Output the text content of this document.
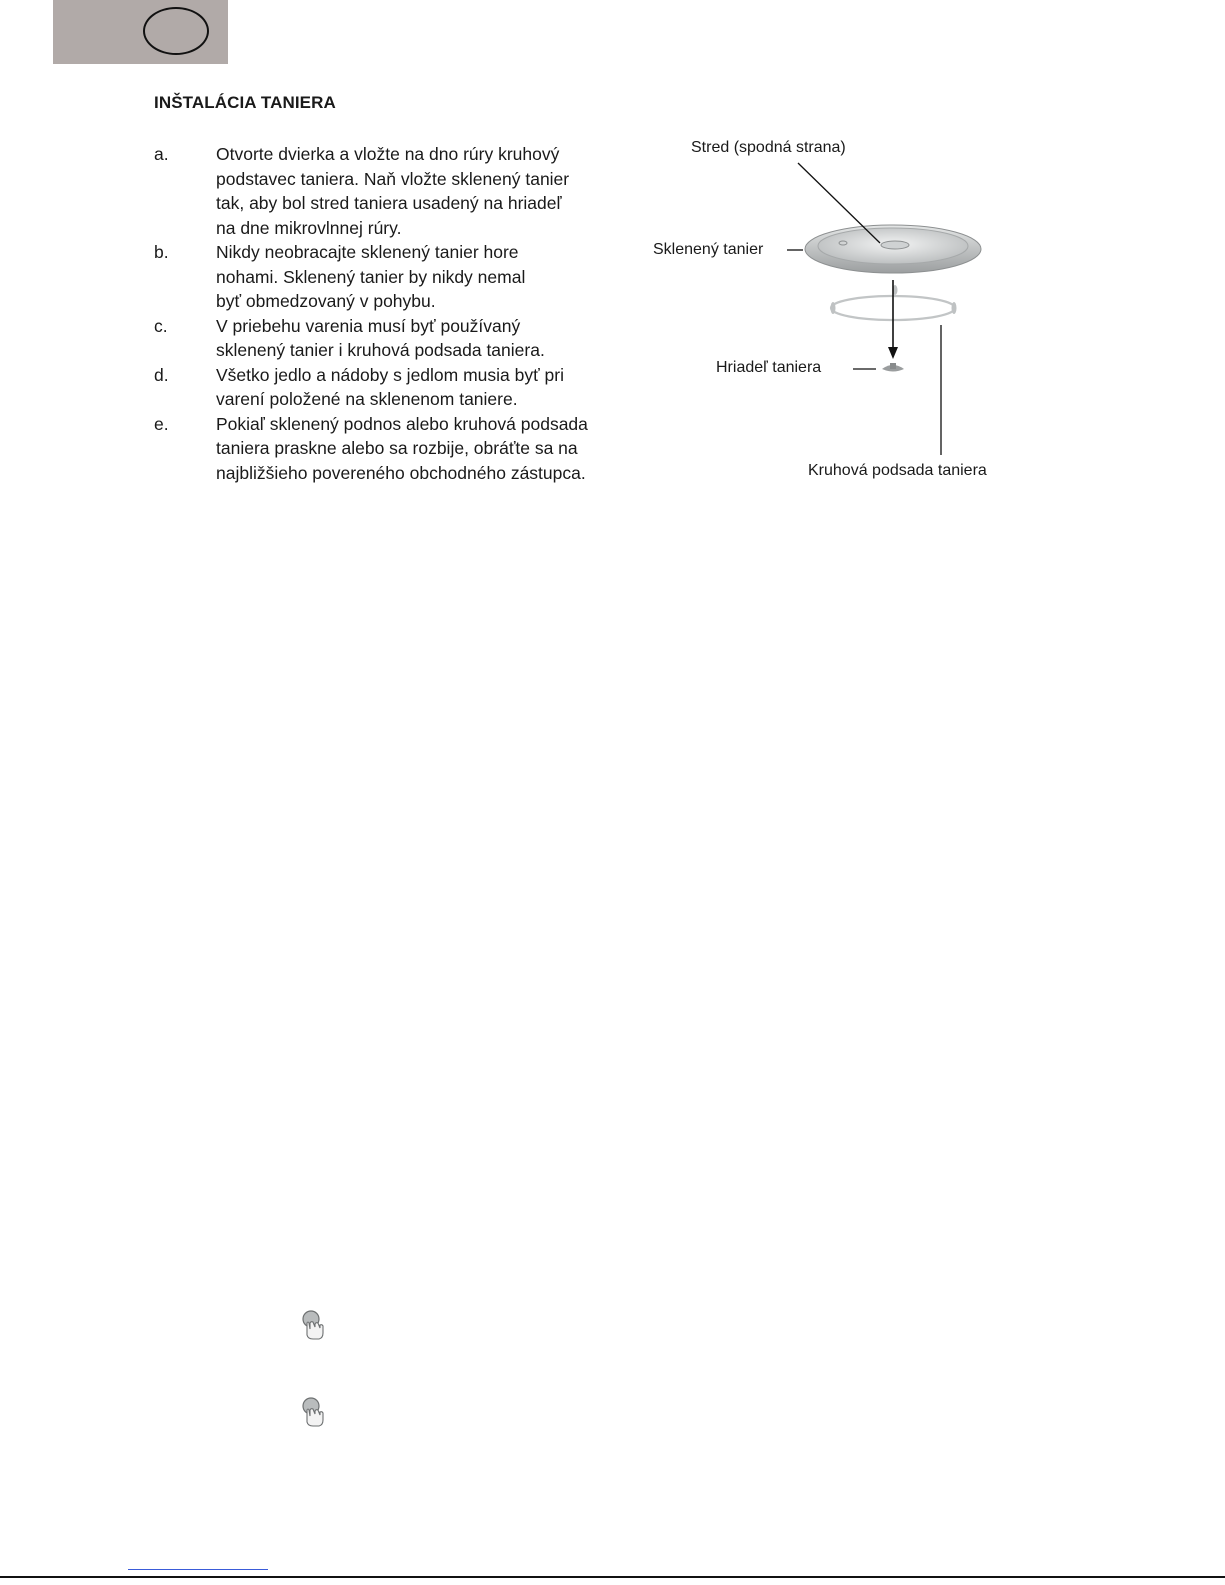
INŠTALÁCIA TANIERA
a.	Otvorte dvierka a vložte na dno rúry kruhový
podstavec taniera. Naň vložte sklenený tanier
tak, aby bol stred taniera usadený na hriadeľ
na dne mikrovlnnej rúry.
b.	Nikdy neobracajte sklenený tanier hore
nohami. Sklenený tanier by nikdy nemal
byť obmedzovaný v pohybu.
c.	V priebehu varenia musí byť používaný
sklenený tanier i kruhová podsada taniera.
d.	Všetko jedlo a nádoby s jedlom musia byť pri
varení položené na sklenenom taniere.
e.	Pokiaľ sklenený podnos alebo kruhová podsada
taniera praskne alebo sa rozbije, obráťte sa na
najbližšieho povereného obchodného zástupca.
Stred (spodná strana)
Sklenený tanier
Hriadeľ taniera
Kruhová podsada taniera
